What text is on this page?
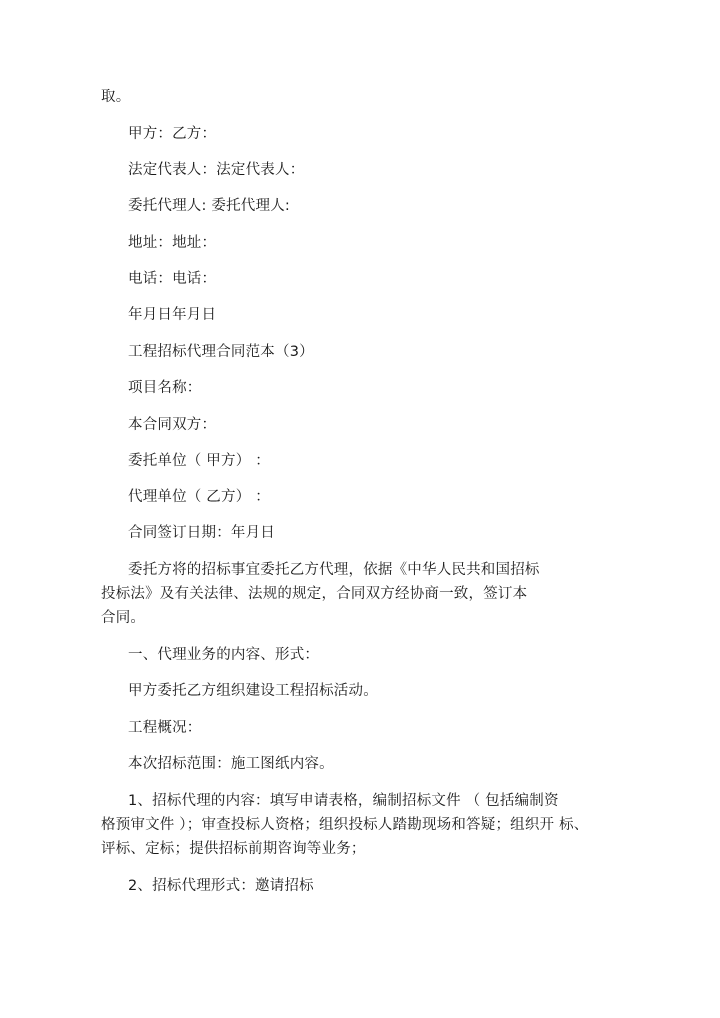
取。
甲方：乙方：
法定代表人：法定代表人：
委托代理人: 委托代理人:
地址：地址：
电话：电话：
年月日年月日
工程招标代理合同范本（3）
项目名称：
本合同双方：
委托单位（ 甲方） ：
代理单位（ 乙方） ：
合同签订日期：年月日
委托方将的招标事宜委托乙方代理，依据《中华人民共和国招标
投标法》及有关法律、法规的规定，合同双方经协商一致，签订本
合同。
一、代理业务的内容、形式：
甲方委托乙方组织建设工程招标活动。
工程概况：
本次招标范围：施工图纸内容。
1、招标代理的内容：填写申请表格，编制招标文件 （ 包括编制资
格预审文件 ）；审查投标人资格；组织投标人踏勘现场和答疑；组织开 标、
评标、定标；提供招标前期咨询等业务；
2、招标代理形式：邀请招标
